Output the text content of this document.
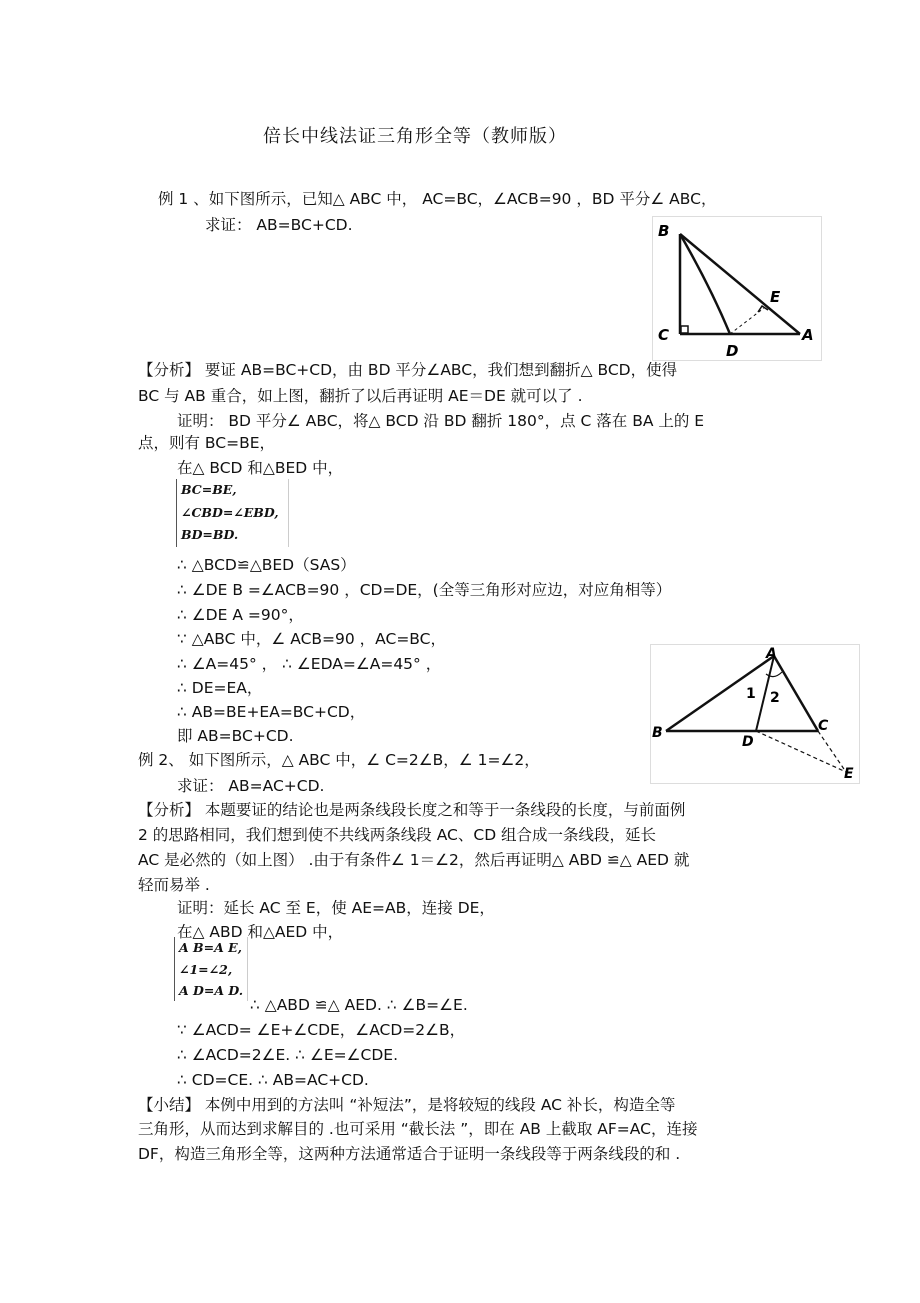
倍长中线法证三角形全等（教师版）
例 1 、如下图所示，已知△ ABC 中， AC=BC，∠ACB=90 ，BD 平分∠ ABC，
求证： AB=BC+CD.	B
E
C
D
A
【分析】 要证 AB=BC+CD，由 BD 平分∠ABC，我们想到翻折△ BCD，使得
BC 与 AB 重合，如上图，翻折了以后再证明 AE＝DE 就可以了 .
证明： BD 平分∠ ABC，将△ BCD 沿 BD 翻折 180°，点 C 落在 BA 上的 E
点，则有 BC=BE，
在△ BCD 和△BED 中，
BC=BE,
∠CBD=∠EBD,
BD=BD.
∴ △BCD≌△BED（SAS）
∴ ∠DE B =∠ACB=90 ，CD=DE，(全等三角形对应边，对应角相等）
∴ ∠DE A =90°，
∵ △ABC 中，∠ ACB=90 ，AC=BC，
∴ ∠A=45° ， ∴ ∠EDA=∠A=45° ，
∴ DE=EA，
∴ AB=BE+EA=BC+CD，
即 AB=BC+CD.
A
1 2
B
D
C
E
例 2、 如下图所示，△ ABC 中，∠ C=2∠B，∠ 1=∠2，
求证： AB=AC+CD.
【分析】 本题要证的结论也是两条线段长度之和等于一条线段的长度，与前面例
2 的思路相同，我们想到使不共线两条线段 AC、CD 组合成一条线段，延长
AC 是必然的（如上图） .由于有条件∠ 1＝∠2，然后再证明△ ABD ≌△ AED 就
轻而易举 .
证明：延长 AC 至 E，使 AE=AB，连接 DE，
在△ ABD 和△AED 中，
A B=A E,
∠1=∠2,
A D=A D.
∴ △ABD ≌△ AED. ∴ ∠B=∠E.
∵ ∠ACD= ∠E+∠CDE，∠ACD=2∠B，
∴ ∠ACD=2∠E. ∴ ∠E=∠CDE.
∴ CD=CE. ∴ AB=AC+CD.
【小结】 本例中用到的方法叫 “补短法”，是将较短的线段 AC 补长，构造全等
三角形，从而达到求解目的 .也可采用 “截长法 ”，即在 AB 上截取 AF=AC，连接
DF，构造三角形全等，这两种方法通常适合于证明一条线段等于两条线段的和 .
